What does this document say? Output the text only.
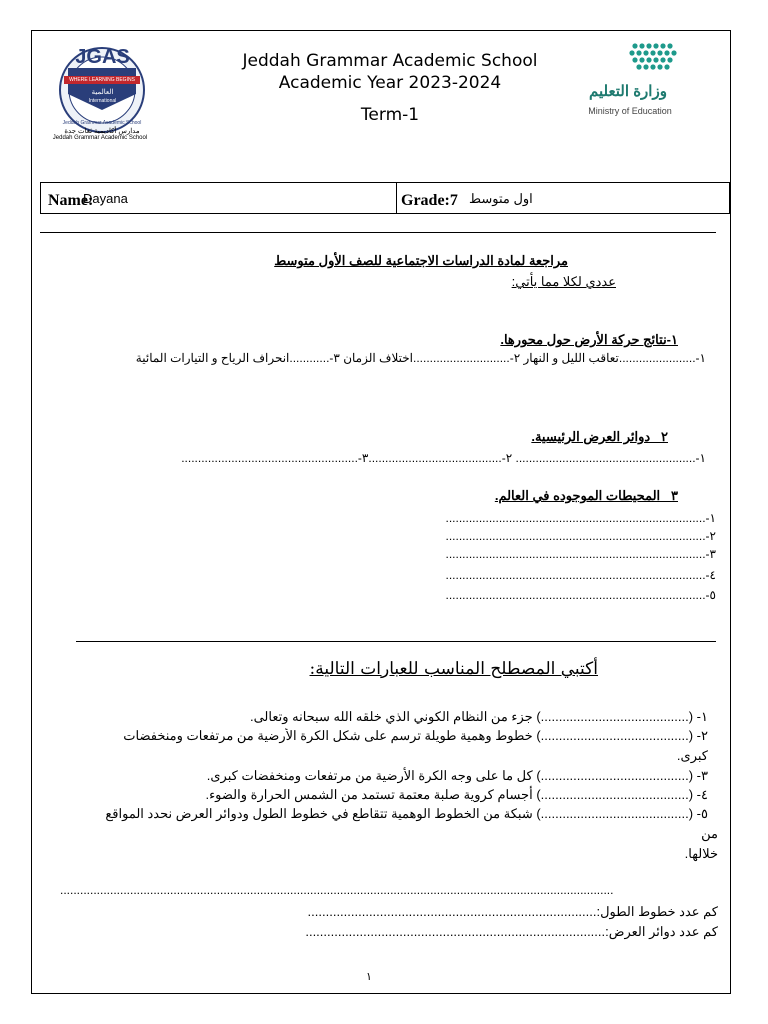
JGAS
WHERE LEARNING BEGINS
العالمية
International
Jeddah Grammar Academic School
مدارس أكاديمية ثغات جدة
Jeddah Grammar Academic School
Jeddah Grammar Academic School
Academic Year 2023-2024
Term-1
وزارة التعليم
Ministry of Education
Name:
Dayana	Grade:7 اول متوسط
مراجعة لمادة الدراسات الاجتماعية للصف الأول متوسط
عددي لكلا مما يأتي:
١-نتائج حركة الأرض حول محورها.
١-.......................تعاقب الليل و النهار ٢-.............................اختلاف الزمان ٣-............انحراف الرياح و التيارات المائية
٢_ دوائر العرض الرئيسية.
١-...................................................... ٢-........................................٣-.....................................................
٣_ المحيطات الموجوده في العالم.
١-..............................................................................
٢-..............................................................................
٣-..............................................................................
٤-..............................................................................
٥-..............................................................................
أكتبي المصطلح المناسب للعبارات التالية:
١- (.........................................) جزء من النظام الكوني الذي خلقه الله سبحانه وتعالى.
٢- (.........................................) خطوط وهمية طويلة ترسم على شكل الكرة الأرضية من مرتفعات ومنخفضات
كبرى.
٣- (.........................................) كل ما على وجه الكرة الأرضية من مرتفعات ومنخفضات كبرى.
٤- (.........................................) أجسام كروية صلبة معتمة تستمد من الشمس الحرارة والضوء.
٥- (.........................................) شبكة من الخطوط الوهمية تتقاطع في خطوط الطول ودوائر العرض نحدد المواقع
من
خلالها.
......................................................................................................................................................................
كم عدد خطوط الطول:................................................................................
كم عدد دوائر العرض:...................................................................................
١
